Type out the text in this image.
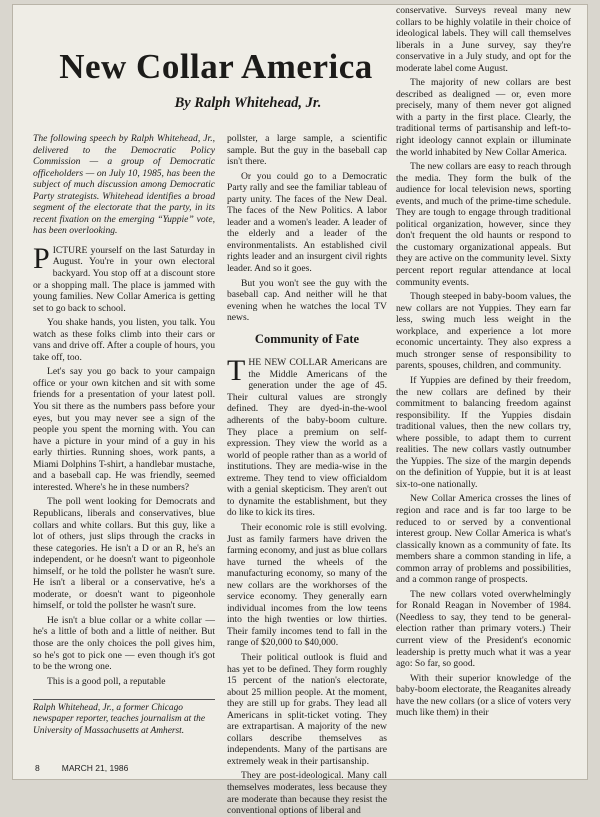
New Collar America
By Ralph Whitehead, Jr.

The following speech by Ralph Whitehead, Jr., delivered to the Democratic Policy Commission — a group of Democratic officeholders — on July 10, 1985, has been the subject of much discussion among Democratic Party strategists. Whitehead identifies a broad segment of the electorate that the party, in its recent fixation on the emerging “Yuppie” vote, has been overlooking.

PICTURE yourself on the last Saturday in August. You're in your own electoral backyard. You stop off at a discount store or a shopping mall. The place is jammed with young families. New Collar America is getting set to go back to school.

You shake hands, you listen, you talk. You watch as these folks climb into their cars or vans and drive off. After a couple of hours, you take off, too.

Let's say you go back to your campaign office or your own kitchen and sit with some friends for a presentation of your latest poll. You sit there as the numbers pass before your eyes, but you may never see a sign of the people you spent the morning with. You can have a picture in your mind of a guy in his early thirties. Running shoes, work pants, a Miami Dolphins T-shirt, a handlebar mustache, and a baseball cap. He was friendly, seemed interested. Where's he in these numbers?

The poll went looking for Democrats and Republicans, liberals and conservatives, blue collars and white collars. But this guy, like a lot of others, just slips through the cracks in these categories. He isn't a D or an R, he's an independent, or he doesn't want to pigeonhole himself, or he told the pollster he wasn't sure. He isn't a liberal or a conservative, he's a moderate, or doesn't want to pigeonhole himself, or told the pollster he wasn't sure.

He isn't a blue collar or a white collar — he's a little of both and a little of neither. But those are the only choices the poll gives him, so he's got to pick one — even though it's got to be the wrong one.

This is a good poll, a reputable

Ralph Whitehead, Jr., a former Chicago newspaper reporter, teaches journalism at the University of Massachusetts at Amherst.

pollster, a large sample, a scientific sample. But the guy in the baseball cap isn't there.

Or you could go to a Democratic Party rally and see the familiar tableau of party unity. The faces of the New Deal. The faces of the New Politics. A labor leader and a women's leader. A leader of the elderly and a leader of the environmentalists. An established civil rights leader and an insurgent civil rights leader. And so it goes.

But you won't see the guy with the baseball cap. And neither will he that evening when he watches the local TV news.

Community of Fate

THE NEW COLLAR Americans are the Middle Americans of the generation under the age of 45. Their cultural values are strongly defined. They are dyed-in-the-wool adherents of the baby-boom culture. They place a premium on self-expression. They view the world as a world of people rather than as a world of institutions. They are media-wise in the extreme. They tend to view officialdom with a genial skepticism. They aren't out to dynamite the establishment, but they do like to kick its tires.

Their economic role is still evolving. Just as family farmers have driven the farming economy, and just as blue collars have turned the wheels of the manufacturing economy, so many of the new collars are the workhorses of the service economy. They generally earn individual incomes from the low teens into the high twenties or low thirties. Their family incomes tend to fall in the range of $20,000 to $40,000.

Their political outlook is fluid and has yet to be defined. They form roughly 15 percent of the nation's electorate, about 25 million people. At the moment, they are still up for grabs. They lead all Americans in split-ticket voting. They are extrapartisan. A majority of the new collars describe themselves as independents. Many of the partisans are extremely weak in their partisanship.

They are post-ideological. Many call themselves moderates, less because they are moderate than because they resist the conventional options of liberal and

conservative. Surveys reveal many new collars to be highly volatile in their choice of ideological labels. They will call themselves liberals in a June survey, say they're conservative in a July study, and opt for the moderate label come August.

The majority of new collars are best described as dealigned — or, even more precisely, many of them never got aligned with a party in the first place. Clearly, the traditional terms of partisanship and left-to-right ideology cannot explain or illuminate the world inhabited by New Collar America.

The new collars are easy to reach through the media. They form the bulk of the audience for local television news, sporting events, and much of the prime-time schedule. They are tough to engage through traditional political organization, however, since they don't frequent the old haunts or respond to the customary organizational appeals. But they are active on the community level. Sixty percent report regular attendance at local community events.

Though steeped in baby-boom values, the new collars are not Yuppies. They earn far less, swing much less weight in the workplace, and experience a lot more economic uncertainty. They also express a much stronger sense of responsibility to parents, spouses, children, and community.

If Yuppies are defined by their freedom, the new collars are defined by their commitment to balancing freedom against responsibility. If the Yuppies disdain traditional values, then the new collars try, where possible, to adapt them to current realities. The new collars vastly outnumber the Yuppies. The size of the margin depends on the definition of Yuppie, but it is at least six-to-one nationally.

New Collar America crosses the lines of region and race and is far too large to be reduced to or served by a conventional interest group. New Collar America is what's classically known as a community of fate. Its members share a common standing in life, a common array of problems and possibilities, and a common range of prospects.

The new collars voted overwhelmingly for Ronald Reagan in November of 1984. (Needless to say, they tend to be general-election rather than primary voters.) Their current view of the President's economic leadership is pretty much what it was a year ago: So far, so good.

With their superior knowledge of the baby-boom electorate, the Reaganites already have the new collars (or a slice of voters very much like them) in their

8	MARCH 21, 1986
